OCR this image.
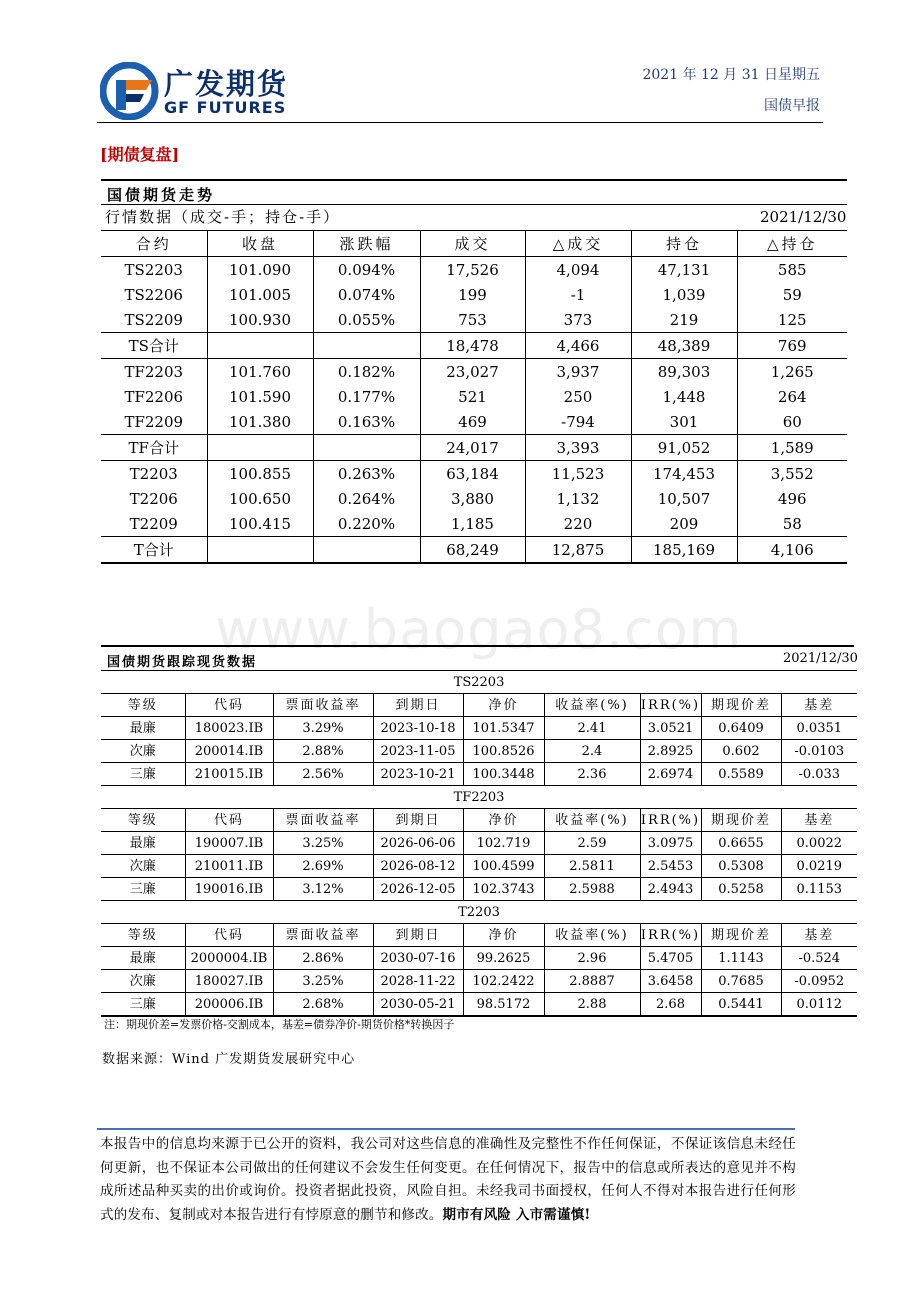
广发期货
GF FUTURES
2021 年 12 月 31 日星期五
国债早报
[期债复盘]
国债期货走势
行情数据（成交-手；持仓-手）	2021/12/30
合约	收盘	涨跌幅	成交	△成交	持仓	△持仓
TS2203	101.090	0.094%	17,526	4,094	47,131	585
TS2206	101.005	0.074%	199	-1	1,039	59
TS2209	100.930	0.055%	753	373	219	125
TS合计			18,478	4,466	48,389	769
TF2203	101.760	0.182%	23,027	3,937	89,303	1,265
TF2206	101.590	0.177%	521	250	1,448	264
TF2209	101.380	0.163%	469	-794	301	60
TF合计			24,017	3,393	91,052	1,589
T2203	100.855	0.263%	63,184	11,523	174,453	3,552
T2206	100.650	0.264%	3,880	1,132	10,507	496
T2209	100.415	0.220%	1,185	220	209	58
T合计			68,249	12,875	185,169	4,106
www.baogao8.com
国债期货跟踪现货数据	2021/12/30
TS2203								
等级	代码	票面收益率	到期日	净价	收益率(%)	IRR(%)	期现价差	基差
最廉	180023.IB	3.29%	2023-10-18	101.5347	2.41	3.0521	0.6409	0.0351
次廉	200014.IB	2.88%	2023-11-05	100.8526	2.4	2.8925	0.602	-0.0103
三廉	210015.IB	2.56%	2023-10-21	100.3448	2.36	2.6974	0.5589	-0.033
TF2203								
等级	代码	票面收益率	到期日	净价	收益率(%)	IRR(%)	期现价差	基差
最廉	190007.IB	3.25%	2026-06-06	102.719	2.59	3.0975	0.6655	0.0022
次廉	210011.IB	2.69%	2026-08-12	100.4599	2.5811	2.5453	0.5308	0.0219
三廉	190016.IB	3.12%	2026-12-05	102.3743	2.5988	2.4943	0.5258	0.1153
T2203								
等级	代码	票面收益率	到期日	净价	收益率(%)	IRR(%)	期现价差	基差
最廉	2000004.IB	2.86%	2030-07-16	99.2625	2.96	5.4705	1.1143	-0.524
次廉	180027.IB	3.25%	2028-11-22	102.2422	2.8887	3.6458	0.7685	-0.0952
三廉	200006.IB	2.68%	2030-05-21	98.5172	2.88	2.68	0.5441	0.0112
注：期现价差=发票价格-交割成本，基差=债券净价-期货价格*转换因子
数据来源：Wind 广发期货发展研究中心
本报告中的信息均来源于已公开的资料，我公司对这些信息的准确性及完整性不作任何保证，不保证该信息未经任何更新，也不保证本公司做出的任何建议不会发生任何变更。在任何情况下，报告中的信息或所表达的意见并不构成所述品种买卖的出价或询价。投资者据此投资，风险自担。未经我司书面授权，任何人不得对本报告进行任何形式的发布、复制或对本报告进行有悖原意的删节和修改。期市有风险 入市需谨慎!
